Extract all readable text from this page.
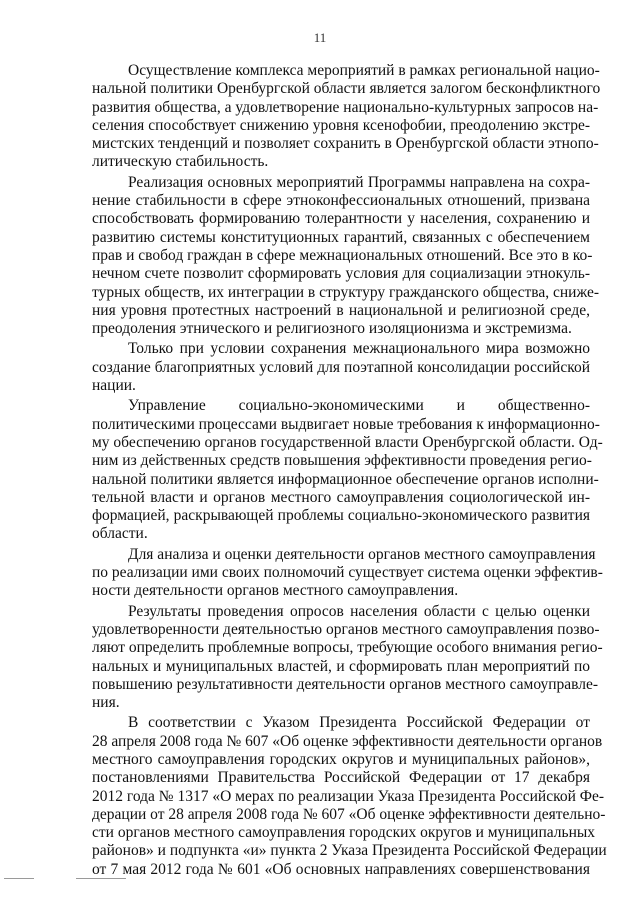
11

Осуществление комплекса мероприятий в рамках региональной нацио-
нальной политики Оренбургской области является залогом бесконфликтного
развития общества, а удовлетворение национально-культурных запросов на-
селения способствует снижению уровня ксенофобии, преодолению экстре-
мистских тенденций и позволяет сохранить в Оренбургской области этнопо-
литическую стабильность.

Реализация основных мероприятий Программы направлена на сохра-
нение стабильности в сфере этноконфессиональных отношений, призвана
способствовать формированию толерантности у населения, сохранению и
развитию системы конституционных гарантий, связанных с обеспечением
прав и свобод граждан в сфере межнациональных отношений. Все это в ко-
нечном счете позволит сформировать условия для социализации этнокуль-
турных обществ, их интеграции в структуру гражданского общества, сниже-
ния уровня протестных настроений в национальной и религиозной среде,
преодоления этнического и религиозного изоляционизма и экстремизма.

Только при условии сохранения межнационального мира возможно
создание благоприятных условий для поэтапной консолидации российской
нации.

Управление социально-экономическими и общественно-
политическими процессами выдвигает новые требования к информационно-
му обеспечению органов государственной власти Оренбургской области. Од-
ним из действенных средств повышения эффективности проведения регио-
нальной политики является информационное обеспечение органов исполни-
тельной власти и органов местного самоуправления социологической ин-
формацией, раскрывающей проблемы социально-экономического развития
области.

Для анализа и оценки деятельности органов местного самоуправления
по реализации ими своих полномочий существует система оценки эффектив-
ности деятельности органов местного самоуправления.

Результаты проведения опросов населения области с целью оценки
удовлетворенности деятельностью органов местного самоуправления позво-
ляют определить проблемные вопросы, требующие особого внимания регио-
нальных и муниципальных властей, и сформировать план мероприятий по
повышению результативности деятельности органов местного самоуправле-
ния.

В соответствии с Указом Президента Российской Федерации от
28 апреля 2008 года № 607 «Об оценке эффективности деятельности органов
местного самоуправления городских округов и муниципальных районов»,
постановлениями Правительства Российской Федерации от 17 декабря
2012 года № 1317 «О мерах по реализации Указа Президента Российской Фе-
дерации от 28 апреля 2008 года № 607 «Об оценке эффективности деятельно-
сти органов местного самоуправления городских округов и муниципальных
районов» и подпункта «и» пункта 2 Указа Президента Российской Федерации
от 7 мая 2012 года № 601 «Об основных направлениях совершенствования
